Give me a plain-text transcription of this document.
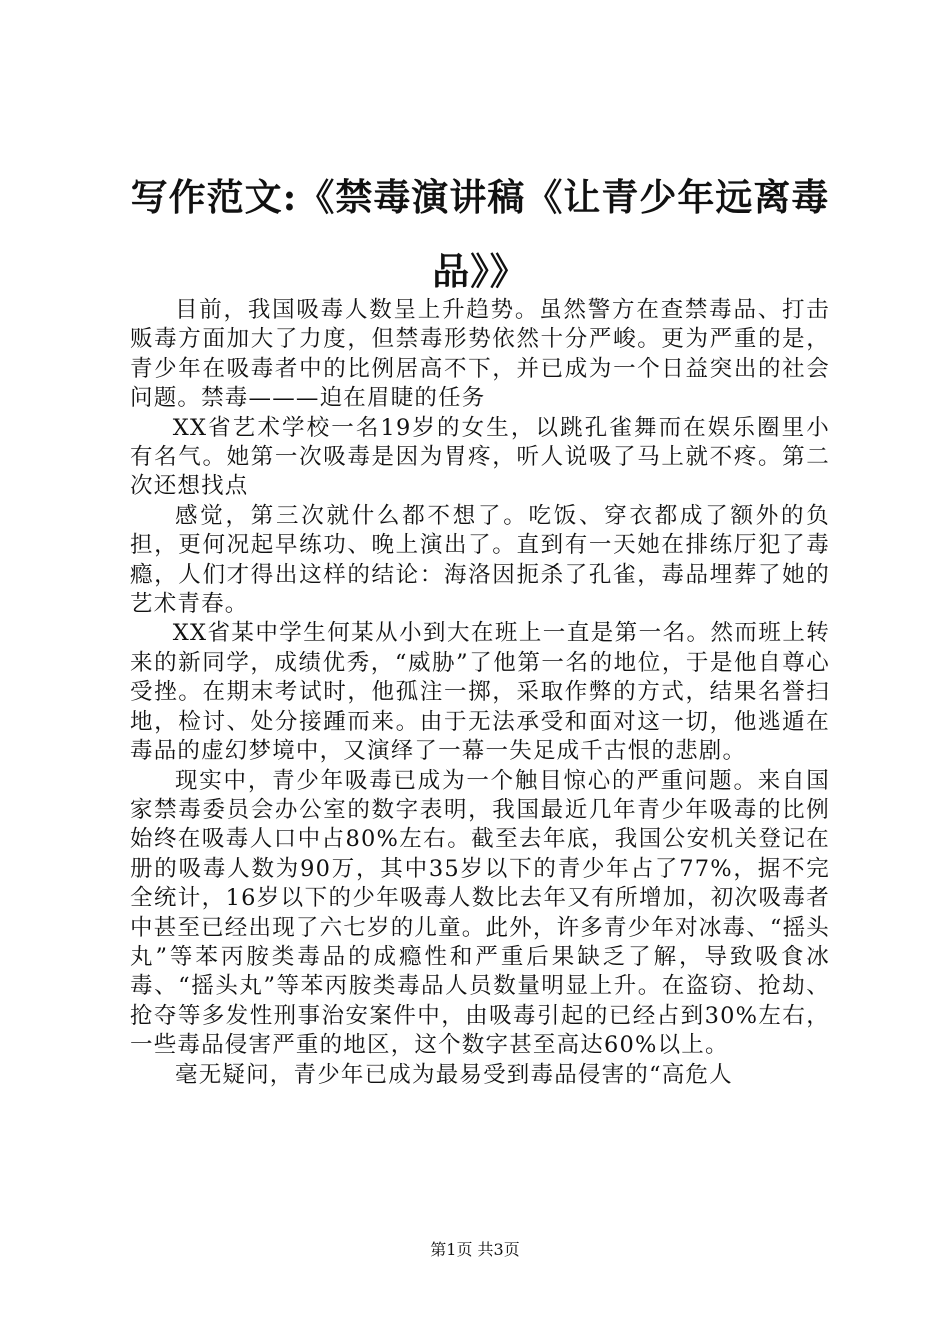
写作范文:《禁毒演讲稿《让青少年远离毒品》》

目前，我国吸毒人数呈上升趋势。虽然警方在查禁毒品、打击贩毒方面加大了力度，但禁毒形势依然十分严峻。更为严重的是，青少年在吸毒者中的比例居高不下，并已成为一个日益突出的社会问题。禁毒———迫在眉睫的任务

XX省艺术学校一名19岁的女生，以跳孔雀舞而在娱乐圈里小有名气。她第一次吸毒是因为胃疼，听人说吸了马上就不疼。第二次还想找点

感觉，第三次就什么都不想了。吃饭、穿衣都成了额外的负担，更何况起早练功、晚上演出了。直到有一天她在排练厅犯了毒瘾，人们才得出这样的结论：海洛因扼杀了孔雀，毒品埋葬了她的艺术青春。

XX省某中学生何某从小到大在班上一直是第一名。然而班上转来的新同学，成绩优秀，“威胁”了他第一名的地位，于是他自尊心受挫。在期末考试时，他孤注一掷，采取作弊的方式，结果名誉扫地，检讨、处分接踵而来。由于无法承受和面对这一切，他逃遁在毒品的虚幻梦境中，又演绎了一幕一失足成千古恨的悲剧。

现实中，青少年吸毒已成为一个触目惊心的严重问题。来自国家禁毒委员会办公室的数字表明，我国最近几年青少年吸毒的比例始终在吸毒人口中占80%左右。截至去年底，我国公安机关登记在册的吸毒人数为90万，其中35岁以下的青少年占了77%，据不完全统计，16岁以下的少年吸毒人数比去年又有所增加，初次吸毒者中甚至已经出现了六七岁的儿童。此外，许多青少年对冰毒、“摇头丸”等苯丙胺类毒品的成瘾性和严重后果缺乏了解，导致吸食冰毒、“摇头丸”等苯丙胺类毒品人员数量明显上升。在盗窃、抢劫、抢夺等多发性刑事治安案件中，由吸毒引起的已经占到30%左右，一些毒品侵害严重的地区，这个数字甚至高达60%以上。

毫无疑问，青少年已成为最易受到毒品侵害的“高危人

第1页 共3页
